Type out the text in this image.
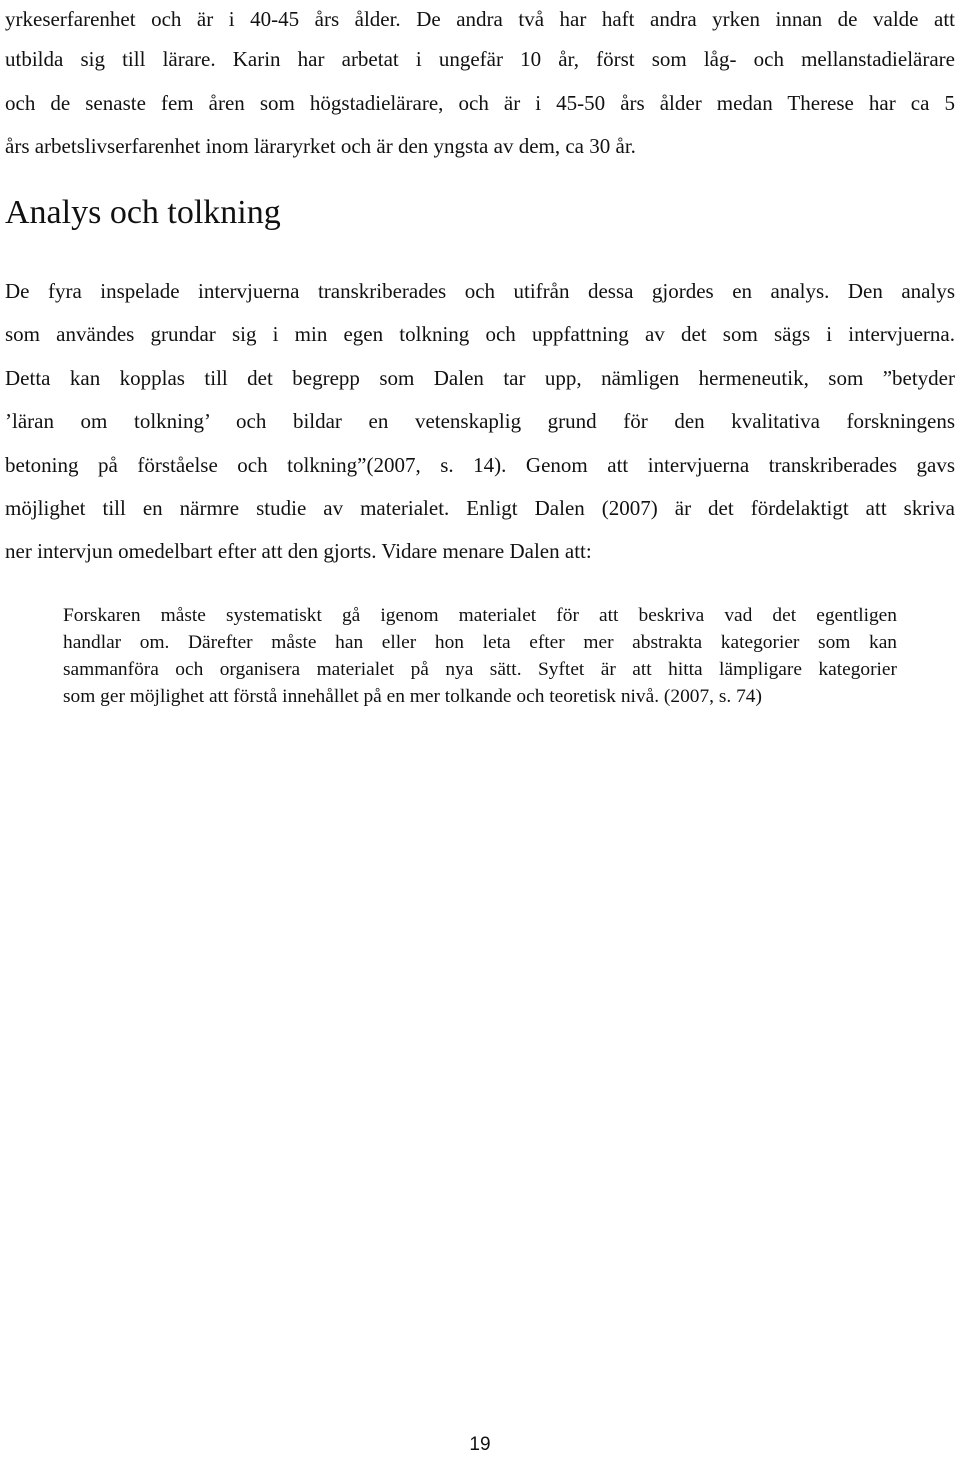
yrkeserfarenhet och är i 40-45 års ålder. De andra två har haft andra yrken innan de valde att
utbilda sig till lärare. Karin har arbetat i ungefär 10 år, först som låg- och mellanstadielärare
och de senaste fem åren som högstadielärare, och är i 45-50 års ålder medan Therese har ca 5
års arbetslivserfarenhet inom läraryrket och är den yngsta av dem, ca 30 år.
Analys och tolkning
De fyra inspelade intervjuerna transkriberades och utifrån dessa gjordes en analys. Den analys
som användes grundar sig i min egen tolkning och uppfattning av det som sägs i intervjuerna.
Detta kan kopplas till det begrepp som Dalen tar upp, nämligen hermeneutik, som ”betyder
’läran om tolkning’ och bildar en vetenskaplig grund för den kvalitativa forskningens
betoning på förståelse och tolkning”(2007, s. 14). Genom att intervjuerna transkriberades gavs
möjlighet till en närmre studie av materialet. Enligt Dalen (2007) är det fördelaktigt att skriva
ner intervjun omedelbart efter att den gjorts. Vidare menare Dalen att:
Forskaren måste systematiskt gå igenom materialet för att beskriva vad det egentligen
handlar om. Därefter måste han eller hon leta efter mer abstrakta kategorier som kan
sammanföra och organisera materialet på nya sätt. Syftet är att hitta lämpligare kategorier
som ger möjlighet att förstå innehållet på en mer tolkande och teoretisk nivå. (2007, s. 74)
19
